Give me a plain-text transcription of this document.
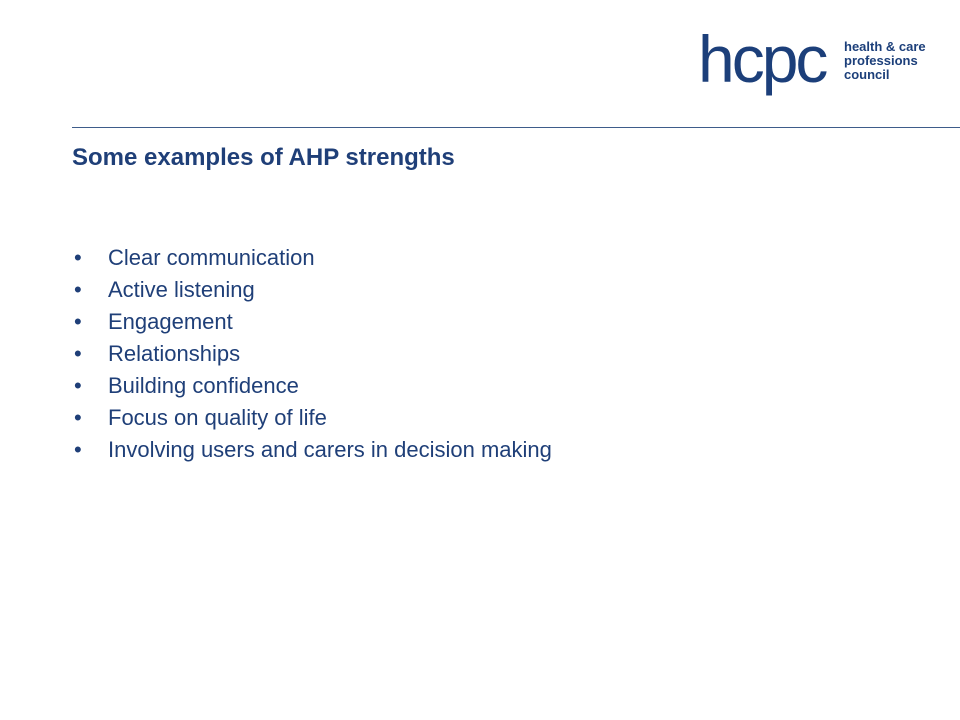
hcpc health & care
professions
council
Some examples of AHP strengths
• Clear communication
• Active listening
• Engagement
• Relationships
• Building confidence
• Focus on quality of life
• Involving users and carers in decision making
